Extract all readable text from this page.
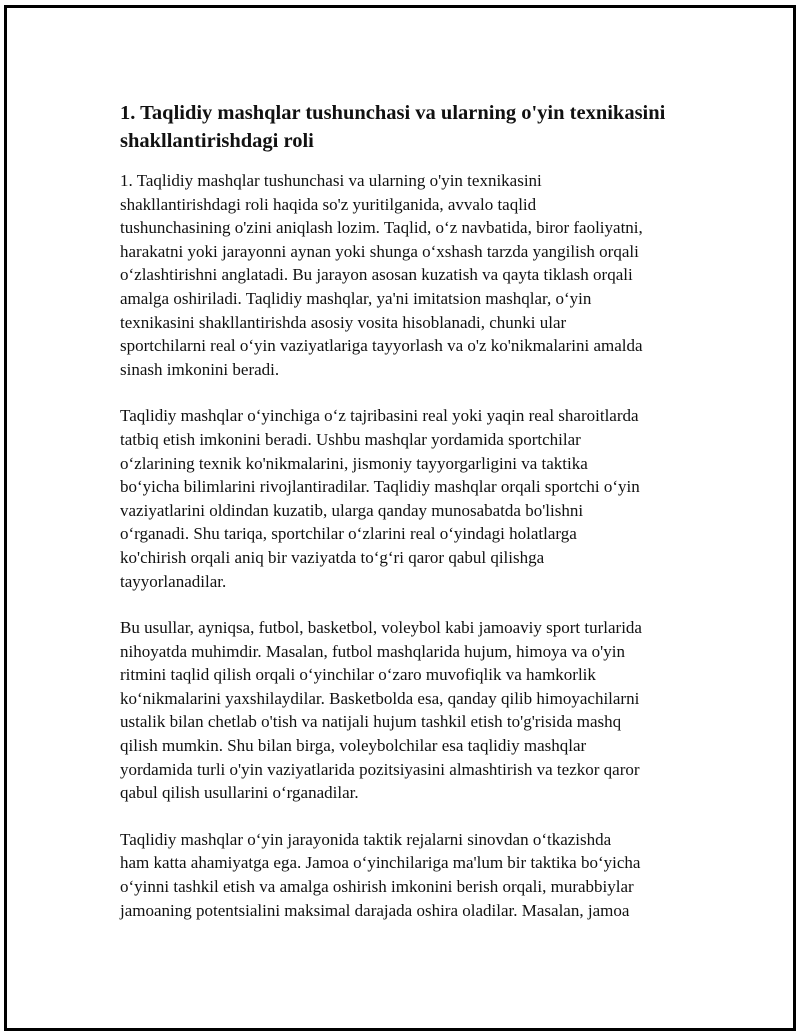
1. Taqlidiy mashqlar tushunchasi va ularning o'yin texnikasini
shakllantirishdagi roli

1. Taqlidiy mashqlar tushunchasi va ularning o'yin texnikasini
shakllantirishdagi roli haqida so'z yuritilganida, avvalo taqlid
tushunchasining o'zini aniqlash lozim. Taqlid, o‘z navbatida, biror faoliyatni,
harakatni yoki jarayonni aynan yoki shunga o‘xshash tarzda yangilish orqali
o‘zlashtirishni anglatadi. Bu jarayon asosan kuzatish va qayta tiklash orqali
amalga oshiriladi. Taqlidiy mashqlar, ya'ni imitatsion mashqlar, o‘yin
texnikasini shakllantirishda asosiy vosita hisoblanadi, chunki ular
sportchilarni real o‘yin vaziyatlariga tayyorlash va o'z ko'nikmalarini amalda
sinash imkonini beradi.

Taqlidiy mashqlar o‘yinchiga o‘z tajribasini real yoki yaqin real sharoitlarda
tatbiq etish imkonini beradi. Ushbu mashqlar yordamida sportchilar
o‘zlarining texnik ko'nikmalarini, jismoniy tayyorgarligini va taktika
bo‘yicha bilimlarini rivojlantiradilar. Taqlidiy mashqlar orqali sportchi o‘yin
vaziyatlarini oldindan kuzatib, ularga qanday munosabatda bo'lishni
o‘rganadi. Shu tariqa, sportchilar o‘zlarini real o‘yindagi holatlarga
ko'chirish orqali aniq bir vaziyatda to‘g‘ri qaror qabul qilishga
tayyorlanadilar.

Bu usullar, ayniqsa, futbol, basketbol, voleybol kabi jamoaviy sport turlarida
nihoyatda muhimdir. Masalan, futbol mashqlarida hujum, himoya va o'yin
ritmini taqlid qilish orqali o‘yinchilar o‘zaro muvofiqlik va hamkorlik
ko‘nikmalarini yaxshilaydilar. Basketbolda esa, qanday qilib himoyachilarni
ustalik bilan chetlab o'tish va natijali hujum tashkil etish to'g'risida mashq
qilish mumkin. Shu bilan birga, voleybolchilar esa taqlidiy mashqlar
yordamida turli o'yin vaziyatlarida pozitsiyasini almashtirish va tezkor qaror
qabul qilish usullarini o‘rganadilar.

Taqlidiy mashqlar o‘yin jarayonida taktik rejalarni sinovdan o‘tkazishda
ham katta ahamiyatga ega. Jamoa o‘yinchilariga ma'lum bir taktika bo‘yicha
o‘yinni tashkil etish va amalga oshirish imkonini berish orqali, murabbiylar
jamoaning potentsialini maksimal darajada oshira oladilar. Masalan, jamoa
